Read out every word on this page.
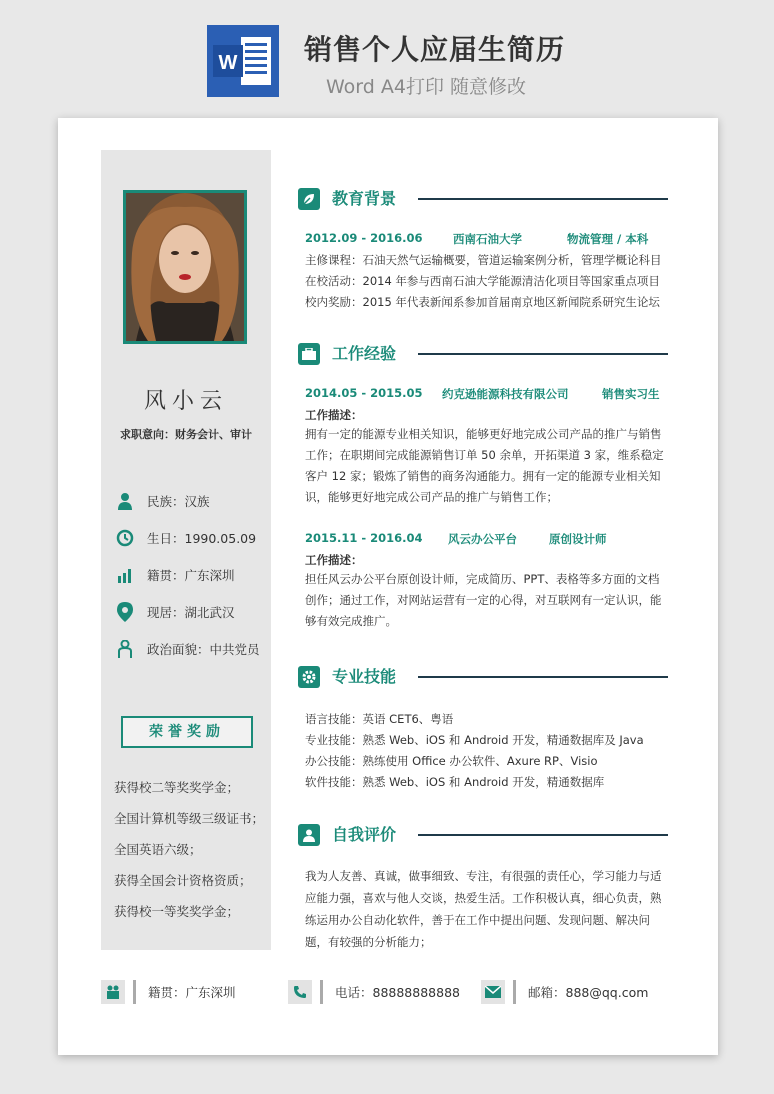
W 销售个人应届生简历
Word A4打印 随意修改
风小云
求职意向：财务会计、审计
民族：汉族
生日：1990.05.09
籍贯：广东深圳
现居：湖北武汉
政治面貌：中共党员
荣誉奖励
获得校二等奖奖学金；
全国计算机等级三级证书；
全国英语六级；
获得全国会计资格资质；
获得校一等奖奖学金；
教育背景
2012.09 - 2016.06	西南石油大学	物流管理 / 本科
主修课程：石油天然气运输概要，管道运输案例分析，管理学概论科目
在校活动：2014 年参与西南石油大学能源清洁化项目等国家重点项目
校内奖励：2015 年代表新闻系参加首届南京地区新闻院系研究生论坛
工作经验
2014.05 - 2015.05 约克逊能源科技有限公司	销售实习生
工作描述：
拥有一定的能源专业相关知识，能够更好地完成公司产品的推广与销售工作；在职期间完成能源销售订单 50 余单，开拓渠道 3 家，维系稳定客户 12 家；锻炼了销售的商务沟通能力。拥有一定的能源专业相关知识，能够更好地完成公司产品的推广与销售工作；
2015.11 - 2016.04 风云办公平台	原创设计师
工作描述：
担任风云办公平台原创设计师，完成简历、PPT、表格等多方面的文档创作；通过工作，对网站运营有一定的心得，对互联网有一定认识，能够有效完成推广。
专业技能
语言技能：英语 CET6、粤语
专业技能：熟悉 Web、iOS 和 Android 开发，精通数据库及 Java
办公技能：熟练使用 Office 办公软件、Axure RP、Visio
软件技能：熟悉 Web、iOS 和 Android 开发，精通数据库
自我评价
我为人友善、真诚，做事细致、专注，有很强的责任心，学习能力与适应能力强，喜欢与他人交谈，热爱生活。工作积极认真，细心负责，熟练运用办公自动化软件，善于在工作中提出问题、发现问题、解决问题，有较强的分析能力；
籍贯：广东深圳	电话：88888888888	邮箱：888@qq.com
